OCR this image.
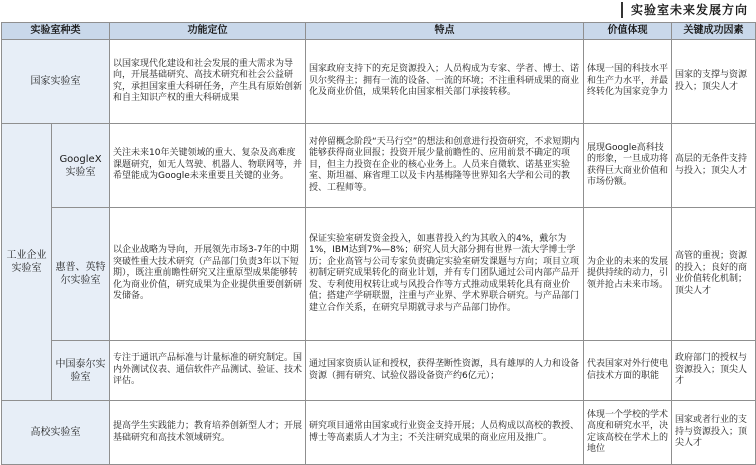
实验室未来发展方向
实验室种类		功能定位	特点	价值体现	关键成功因素
国家实验室		以国家现代化建设和社会发展的重大需求为导向，开展基础研究、高技术研究和社会公益研究，承担国家重大科研任务，产生具有原始创新和自主知识产权的重大科研成果	国家政府支持下的充足资源投入；人员构成为专家、学者、博士、诺贝尔奖得主；拥有一流的设备、一流的环境；不注重科研成果的商业化及商业价值，成果转化由国家相关部门承接转移。	体现一国的科技水平和生产力水平，并最终转化为国家竞争力	国家的支撑与资源投入；顶尖人才
工业企业实验室	GoogleX实验室	关注未来10年关键领域的重大、复杂及高难度课题研究，如无人驾驶、机器人、物联网等，并希望能成为Google未来重要且关键的业务。	对停留概念阶段“天马行空”的想法和创意进行投资研究，不求短期内能够获得商业回报；投资开展少量前瞻性的、应用前景不确定的项目，但主力投资在企业的核心业务上。人员来自微软、诺基亚实验室、斯坦福、麻省理工以及卡内基梅隆等世界知名大学和公司的教授、工程师等。	展现Google高科技的形象，一旦成功将获得巨大商业价值和市场份额。	高层的无条件支持与投入；顶尖人才
	惠普、英特尔实验室	以企业战略为导向，开展领先市场3-7年的中期突破性重大技术研究（产品部门负责3年以下短期），既注重前瞻性研究又注重原型成果能够转化为商业价值，研究成果为企业提供重要创新研发储备。	保证实验室研发资金投入，如惠普投入约为其收入的4%，戴尔为1%，IBM达到7%—8%；研究人员大部分拥有世界一流大学博士学历；企业高管与公司专家负责确定实验室研发课题与方向；项目立项初制定研究成果转化的商业计划，并有专门团队通过公司内部产品开发、专利使用权转让或与风投合作等方式推动成果转化具有商业价值；搭建产学研联盟，注重与产业界、学术界联合研究。与产品部门建立合作关系，在研究早期就寻求与产品部门协作。	为企业的未来的发展提供持续的动力，引领并抢占未来市场。	高管的重视；资源的投入；良好的商业价值转化机制；顶尖人才
	中国泰尔实验室	专注于通讯产品标准与计量标准的研究制定。国内外测试仪表、通信软件产品测试、验证、技术评估。	通过国家资质认证和授权，获得垄断性资源，具有雄厚的人力和设备资源（拥有研究、试验仪器设备资产约6亿元）；	代表国家对外行使电信技术方面的职能	政府部门的授权与资源投入；顶尖人才
高校实验室		提高学生实践能力；教育培养创新型人才；开展基础研究和高技术领域研究。	研究项目通常由国家或行业资金支持开展；人员构成以高校的教授、博士等高素质人才为主；不关注研究成果的商业应用及推广。	体现一个学校的学术高度和研究水平，决定该高校在学术上的地位	国家或者行业的支持与资源投入；顶尖人才
